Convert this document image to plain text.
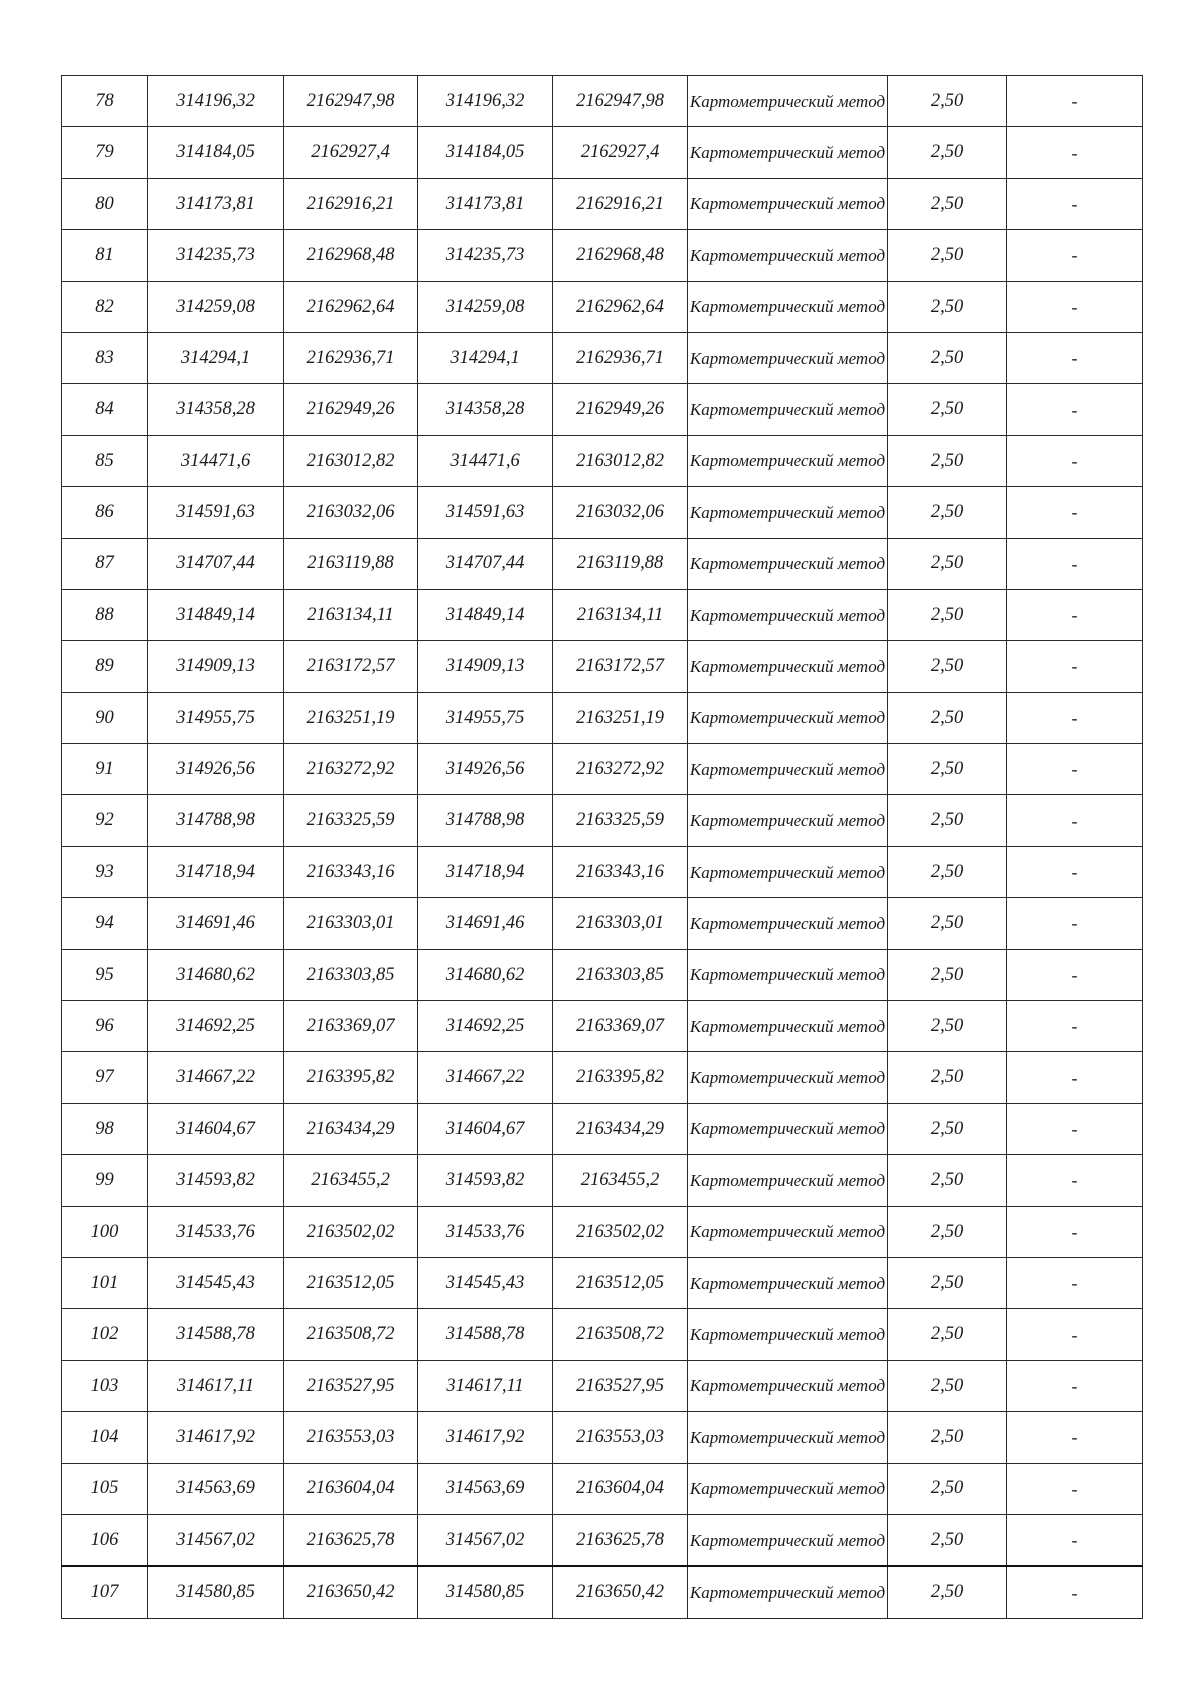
78	314196,32	2162947,98	314196,32	2162947,98	Картометрический метод	2,50	-
79	314184,05	2162927,4	314184,05	2162927,4	Картометрический метод	2,50	-
80	314173,81	2162916,21	314173,81	2162916,21	Картометрический метод	2,50	-
81	314235,73	2162968,48	314235,73	2162968,48	Картометрический метод	2,50	-
82	314259,08	2162962,64	314259,08	2162962,64	Картометрический метод	2,50	-
83	314294,1	2162936,71	314294,1	2162936,71	Картометрический метод	2,50	-
84	314358,28	2162949,26	314358,28	2162949,26	Картометрический метод	2,50	-
85	314471,6	2163012,82	314471,6	2163012,82	Картометрический метод	2,50	-
86	314591,63	2163032,06	314591,63	2163032,06	Картометрический метод	2,50	-
87	314707,44	2163119,88	314707,44	2163119,88	Картометрический метод	2,50	-
88	314849,14	2163134,11	314849,14	2163134,11	Картометрический метод	2,50	-
89	314909,13	2163172,57	314909,13	2163172,57	Картометрический метод	2,50	-
90	314955,75	2163251,19	314955,75	2163251,19	Картометрический метод	2,50	-
91	314926,56	2163272,92	314926,56	2163272,92	Картометрический метод	2,50	-
92	314788,98	2163325,59	314788,98	2163325,59	Картометрический метод	2,50	-
93	314718,94	2163343,16	314718,94	2163343,16	Картометрический метод	2,50	-
94	314691,46	2163303,01	314691,46	2163303,01	Картометрический метод	2,50	-
95	314680,62	2163303,85	314680,62	2163303,85	Картометрический метод	2,50	-
96	314692,25	2163369,07	314692,25	2163369,07	Картометрический метод	2,50	-
97	314667,22	2163395,82	314667,22	2163395,82	Картометрический метод	2,50	-
98	314604,67	2163434,29	314604,67	2163434,29	Картометрический метод	2,50	-
99	314593,82	2163455,2	314593,82	2163455,2	Картометрический метод	2,50	-
100	314533,76	2163502,02	314533,76	2163502,02	Картометрический метод	2,50	-
101	314545,43	2163512,05	314545,43	2163512,05	Картометрический метод	2,50	-
102	314588,78	2163508,72	314588,78	2163508,72	Картометрический метод	2,50	-
103	314617,11	2163527,95	314617,11	2163527,95	Картометрический метод	2,50	-
104	314617,92	2163553,03	314617,92	2163553,03	Картометрический метод	2,50	-
105	314563,69	2163604,04	314563,69	2163604,04	Картометрический метод	2,50	-
106	314567,02	2163625,78	314567,02	2163625,78	Картометрический метод	2,50	-
107	314580,85	2163650,42	314580,85	2163650,42	Картометрический метод	2,50	-
